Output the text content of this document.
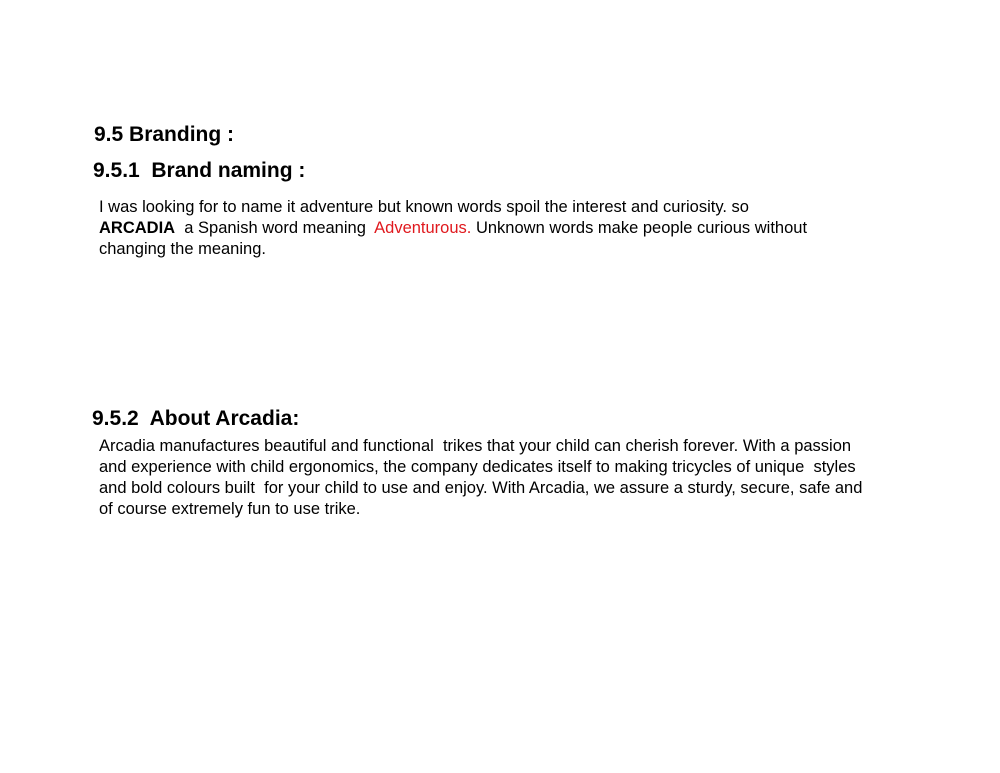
9.5 Branding :
9.5.1  Brand naming :
I was looking for to name it adventure but known words spoil the interest and curiosity. so
ARCADIA  a Spanish word meaning  Adventurous. Unknown words make people curious without
changing the meaning.
9.5.2  About Arcadia:
Arcadia manufactures beautiful and functional  trikes that your child can cherish forever. With a passion
and experience with child ergonomics, the company dedicates itself to making tricycles of unique  styles
and bold colours built  for your child to use and enjoy. With Arcadia, we assure a sturdy, secure, safe and
of course extremely fun to use trike.
